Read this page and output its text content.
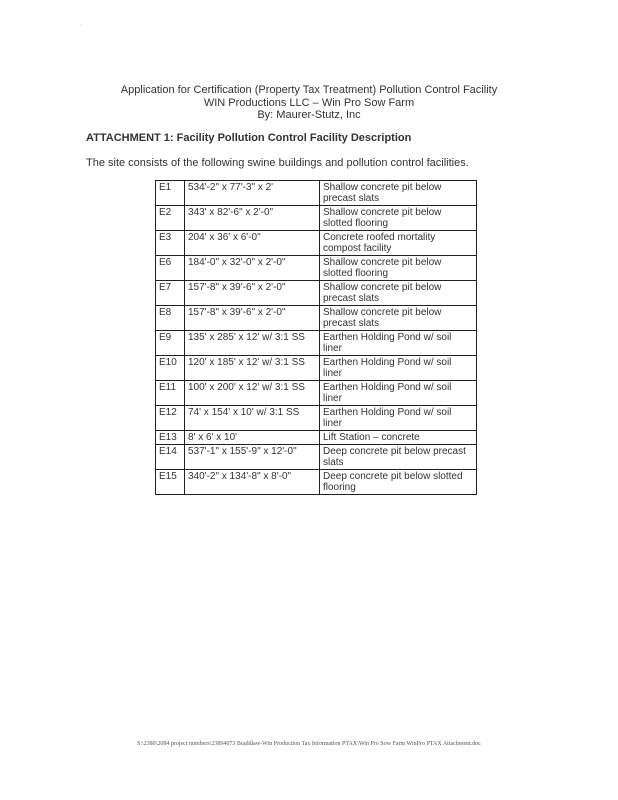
·
Application for Certification (Property Tax Treatment) Pollution Control Facility
WIN Productions LLC – Win Pro Sow Farm
By: Maurer-Stutz, Inc
ATTACHMENT 1: Facility Pollution Control Facility Description
The site consists of the following swine buildings and pollution control facilities.
E1	534'-2" x 77'-3" x 2'	Shallow concrete pit below precast slats
E2	343' x 82'-6" x 2'-0"	Shallow concrete pit below slotted flooring
E3	204' x 36' x 6'-0"	Concrete roofed mortality compost facility
E6	184'-0" x 32'-0" x 2'-0"	Shallow concrete pit below slotted flooring
E7	157'-8" x 39'-6" x 2'-0"	Shallow concrete pit below precast slats
E8	157'-8" x 39'-6" x 2'-0"	Shallow concrete pit below precast slats
E9	135' x 285' x 12' w/ 3:1 SS	Earthen Holding Pond w/ soil liner
E10	120' x 185' x 12' w/ 3:1 SS	Earthen Holding Pond w/ soil liner
E11	100' x 200' x 12' w/ 3:1 SS	Earthen Holding Pond w/ soil liner
E12	74' x 154' x 10' w/ 3:1 SS	Earthen Holding Pond w/ soil liner
E13	8' x 6' x 10'	Lift Station – concrete
E14	537'-1" x 155'-9" x 12'-0"	Deep concrete pit below precast slats
E15	340'-2" x 134'-8" x 8'-0"	Deep concrete pit below slotted flooring
S:\2380\2084 project numbers\23894073 Braddlaw-Win Production Tax Information PTAX\Win Pro Sow Farm WinPro PTAX Attachment.doc
